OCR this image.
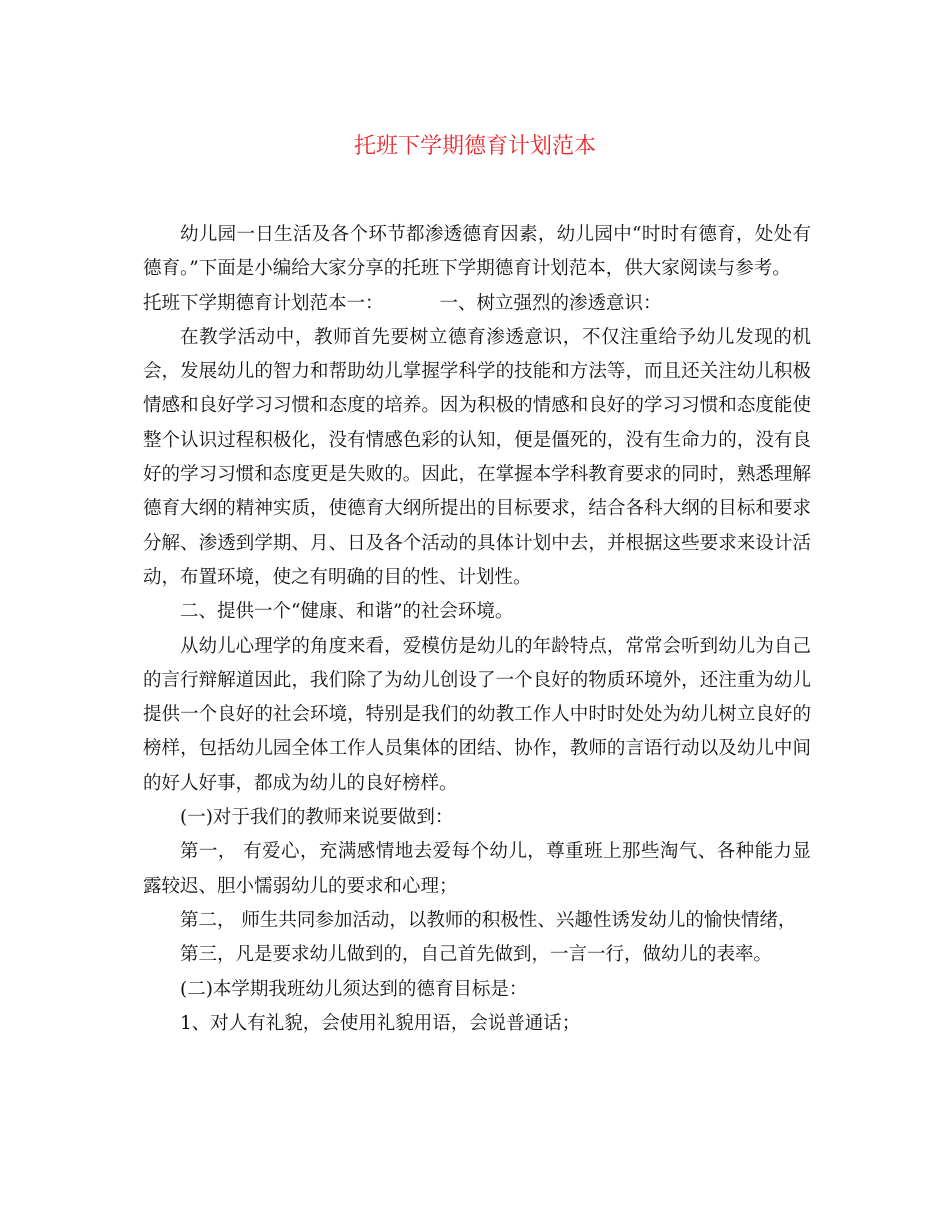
托班下学期德育计划范本

幼儿园一日生活及各个环节都渗透德育因素，幼儿园中“时时有德育，处处有德育。”下面是小编给大家分享的托班下学期德育计划范本，供大家阅读与参考。

托班下学期德育计划范本一：	一、树立强烈的渗透意识：

在教学活动中，教师首先要树立德育渗透意识，不仅注重给予幼儿发现的机会，发展幼儿的智力和帮助幼儿掌握学科学的技能和方法等，而且还关注幼儿积极情感和良好学习习惯和态度的培养。因为积极的情感和良好的学习习惯和态度能使整个认识过程积极化，没有情感色彩的认知，便是僵死的，没有生命力的，没有良好的学习习惯和态度更是失败的。因此，在掌握本学科教育要求的同时，熟悉理解德育大纲的精神实质，使德育大纲所提出的目标要求，结合各科大纲的目标和要求分解、渗透到学期、月、日及各个活动的具体计划中去，并根据这些要求来设计活动，布置环境，使之有明确的目的性、计划性。

二、提供一个“健康、和谐”的社会环境。

从幼儿心理学的角度来看，爱模仿是幼儿的年龄特点，常常会听到幼儿为自己的言行辩解道因此，我们除了为幼儿创设了一个良好的物质环境外，还注重为幼儿提供一个良好的社会环境，特别是我们的幼教工作人中时时处处为幼儿树立良好的榜样，包括幼儿园全体工作人员集体的团结、协作，教师的言语行动以及幼儿中间的好人好事，都成为幼儿的良好榜样。

(一)对于我们的教师来说要做到：

第一， 有爱心，充满感情地去爱每个幼儿，尊重班上那些淘气、各种能力显露较迟、胆小懦弱幼儿的要求和心理；

第二， 师生共同参加活动，以教师的积极性、兴趣性诱发幼儿的愉快情绪，

第三，凡是要求幼儿做到的，自己首先做到，一言一行，做幼儿的表率。

(二)本学期我班幼儿须达到的德育目标是：

1、对人有礼貌，会使用礼貌用语，会说普通话；
